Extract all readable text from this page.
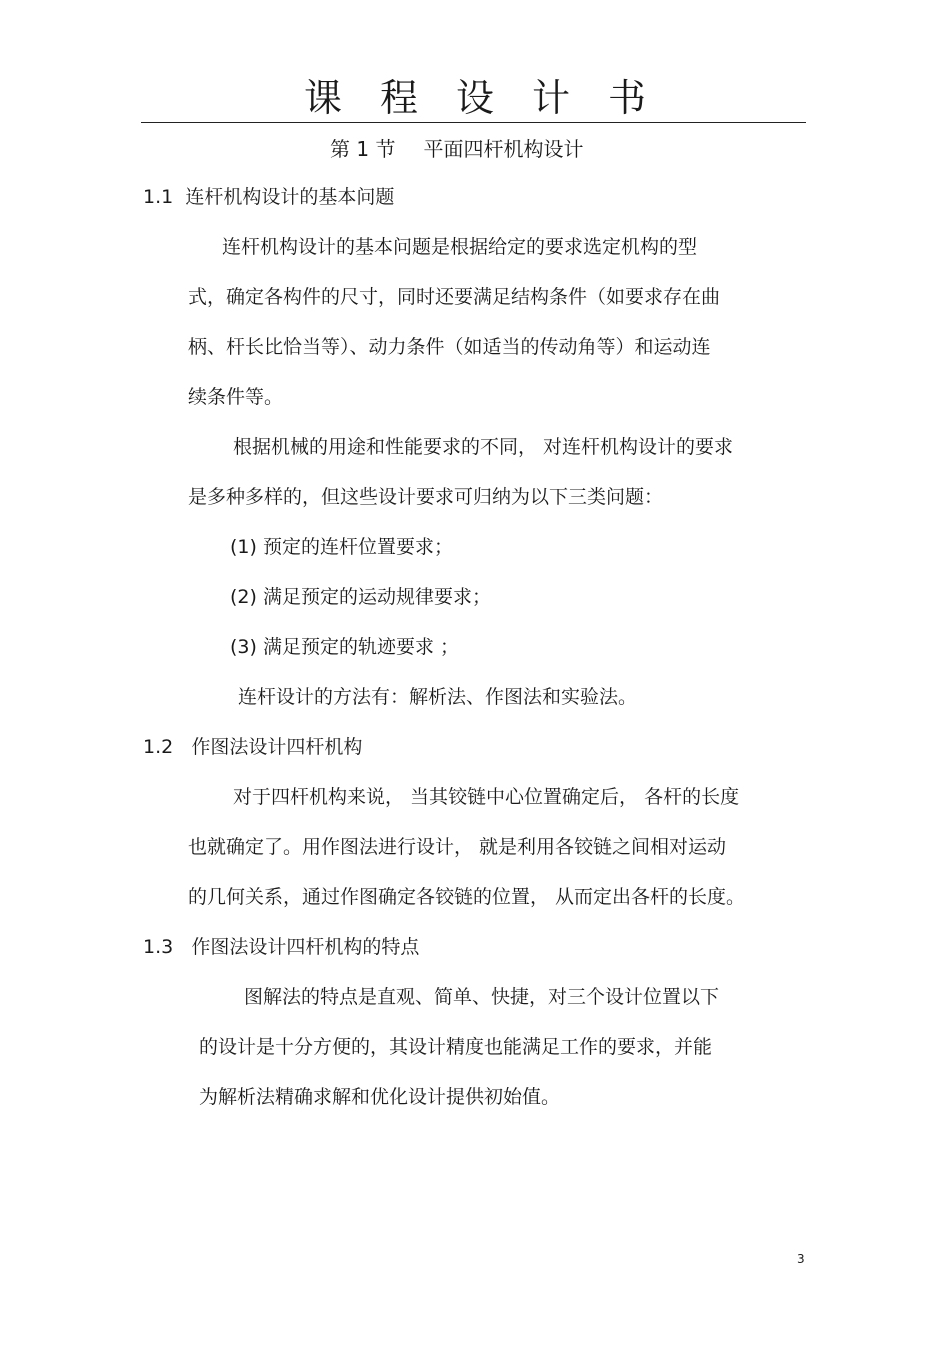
课程设计书
第 1 节 平面四杆机构设计
1.1 连杆机构设计的基本问题
连杆机构设计的基本问题是根据给定的要求选定机构的型
式，确定各构件的尺寸，同时还要满足结构条件（如要求存在曲
柄、杆长比恰当等）、动力条件（如适当的传动角等）和运动连
续条件等。
根据机械的用途和性能要求的不同， 对连杆机构设计的要求
是多种多样的，但这些设计要求可归纳为以下三类问题：
(1) 预定的连杆位置要求；
(2) 满足预定的运动规律要求；
(3) 满足预定的轨迹要求 ；
连杆设计的方法有：解析法、作图法和实验法。
1.2 作图法设计四杆机构
对于四杆机构来说， 当其铰链中心位置确定后， 各杆的长度
也就确定了。用作图法进行设计， 就是利用各铰链之间相对运动
的几何关系，通过作图确定各铰链的位置， 从而定出各杆的长度。
1.3 作图法设计四杆机构的特点
图解法的特点是直观、简单、快捷，对三个设计位置以下
的设计是十分方便的，其设计精度也能满足工作的要求，并能
为解析法精确求解和优化设计提供初始值。
3
